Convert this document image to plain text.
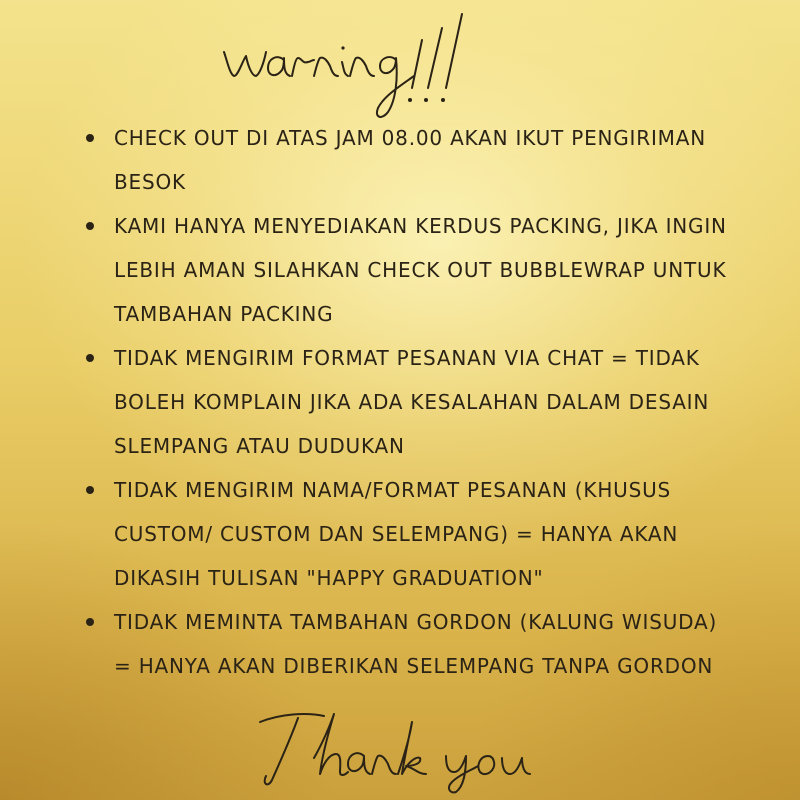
CHECK OUT DI ATAS JAM 08.00 AKAN IKUT PENGIRIMAN BESOK
KAMI HANYA MENYEDIAKAN KERDUS PACKING, JIKA INGIN LEBIH AMAN SILAHKAN CHECK OUT BUBBLEWRAP UNTUK TAMBAHAN PACKING
TIDAK MENGIRIM FORMAT PESANAN VIA CHAT = TIDAK BOLEH KOMPLAIN JIKA ADA KESALAHAN DALAM DESAIN SLEMPANG ATAU DUDUKAN
TIDAK MENGIRIM NAMA/FORMAT PESANAN (KHUSUS CUSTOM/ CUSTOM DAN SELEMPANG) = HANYA AKAN DIKASIH TULISAN "HAPPY GRADUATION"
TIDAK MEMINTA TAMBAHAN GORDON (KALUNG WISUDA) = HANYA AKAN DIBERIKAN SELEMPANG TANPA GORDON
